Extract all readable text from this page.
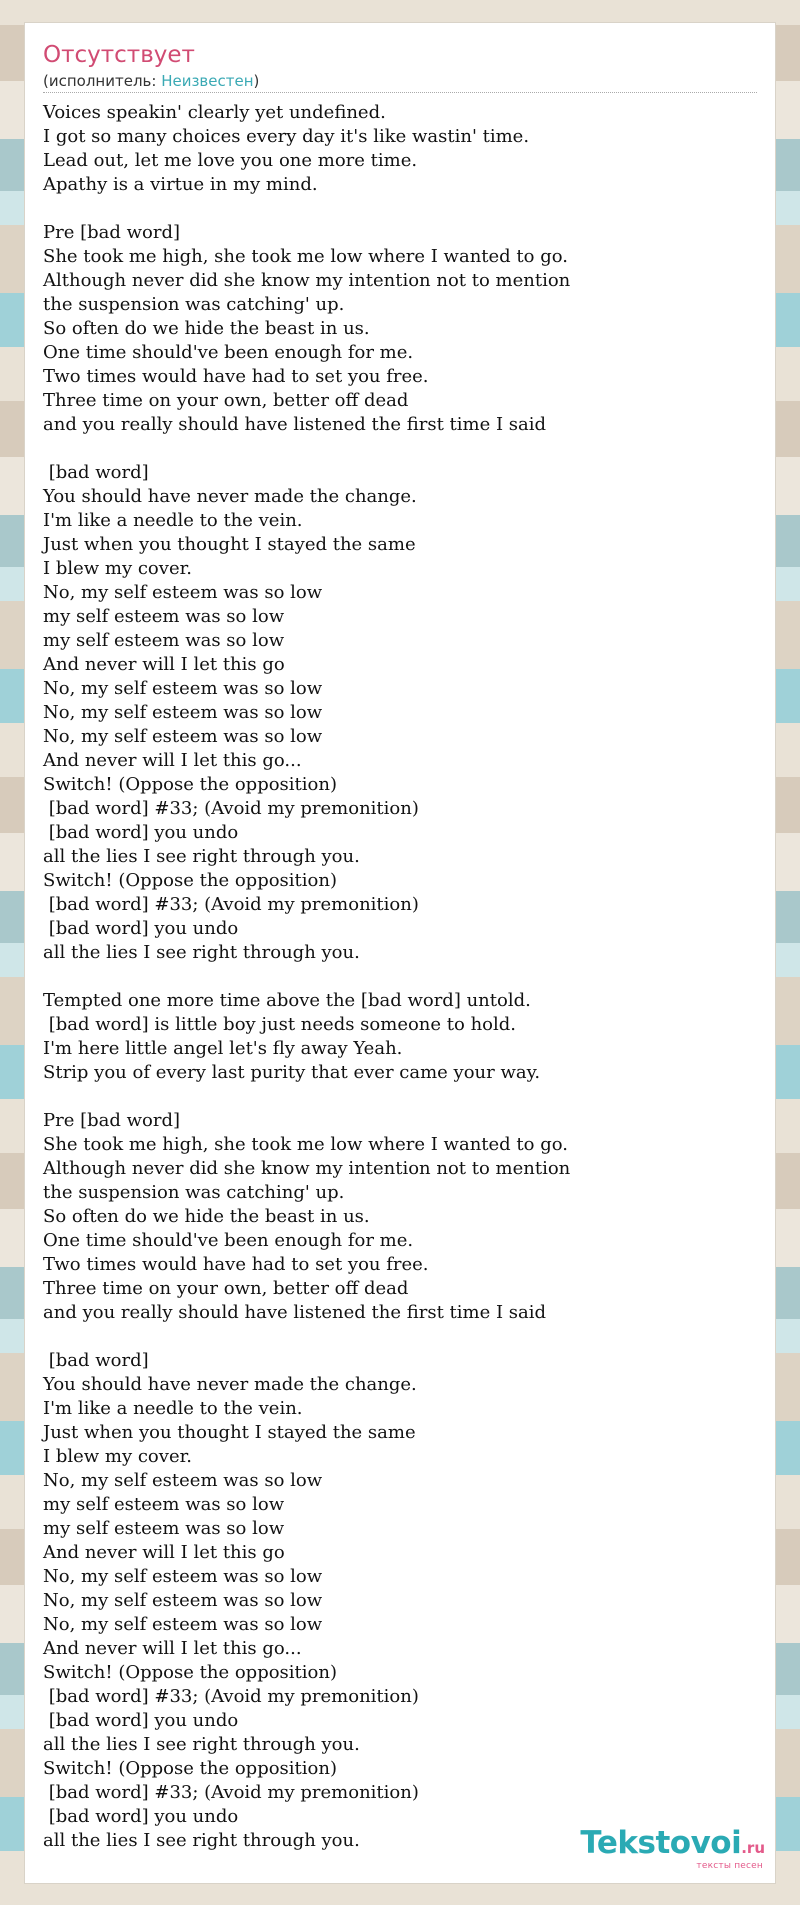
Отсутствует
(исполнитель: Неизвестен)
Voices speakin' clearly yet undefined.
I got so many choices every day it's like wastin' time.
Lead out, let me love you one more time.
Apathy is a virtue in my mind.
Pre [bad word]
She took me high, she took me low where I wanted to go.
Although never did she know my intention not to mention
the suspension was catching' up.
So often do we hide the beast in us.
One time should've been enough for me.
Two times would have had to set you free.
Three time on your own, better off dead
and you really should have listened the first time I said
[bad word]
You should have never made the change.
I'm like a needle to the vein.
Just when you thought I stayed the same
I blew my cover.
No, my self esteem was so low
my self esteem was so low
my self esteem was so low
And never will I let this go
No, my self esteem was so low
No, my self esteem was so low
No, my self esteem was so low
And never will I let this go...
Switch! (Oppose the opposition)
[bad word] #33; (Avoid my premonition)
[bad word] you undo
all the lies I see right through you.
Switch! (Oppose the opposition)
[bad word] #33; (Avoid my premonition)
[bad word] you undo
all the lies I see right through you.
Tempted one more time above the [bad word] untold.
[bad word] is little boy just needs someone to hold.
I'm here little angel let's fly away Yeah.
Strip you of every last purity that ever came your way.
Pre [bad word]
She took me high, she took me low where I wanted to go.
Although never did she know my intention not to mention
the suspension was catching' up.
So often do we hide the beast in us.
One time should've been enough for me.
Two times would have had to set you free.
Three time on your own, better off dead
and you really should have listened the first time I said
[bad word]
You should have never made the change.
I'm like a needle to the vein.
Just when you thought I stayed the same
I blew my cover.
No, my self esteem was so low
my self esteem was so low
my self esteem was so low
And never will I let this go
No, my self esteem was so low
No, my self esteem was so low
No, my self esteem was so low
And never will I let this go...
Switch! (Oppose the opposition)
[bad word] #33; (Avoid my premonition)
[bad word] you undo
all the lies I see right through you.
Switch! (Oppose the opposition)
[bad word] #33; (Avoid my premonition)
[bad word] you undo
all the lies I see right through you.	Tekstovoi.ru
тексты песен
